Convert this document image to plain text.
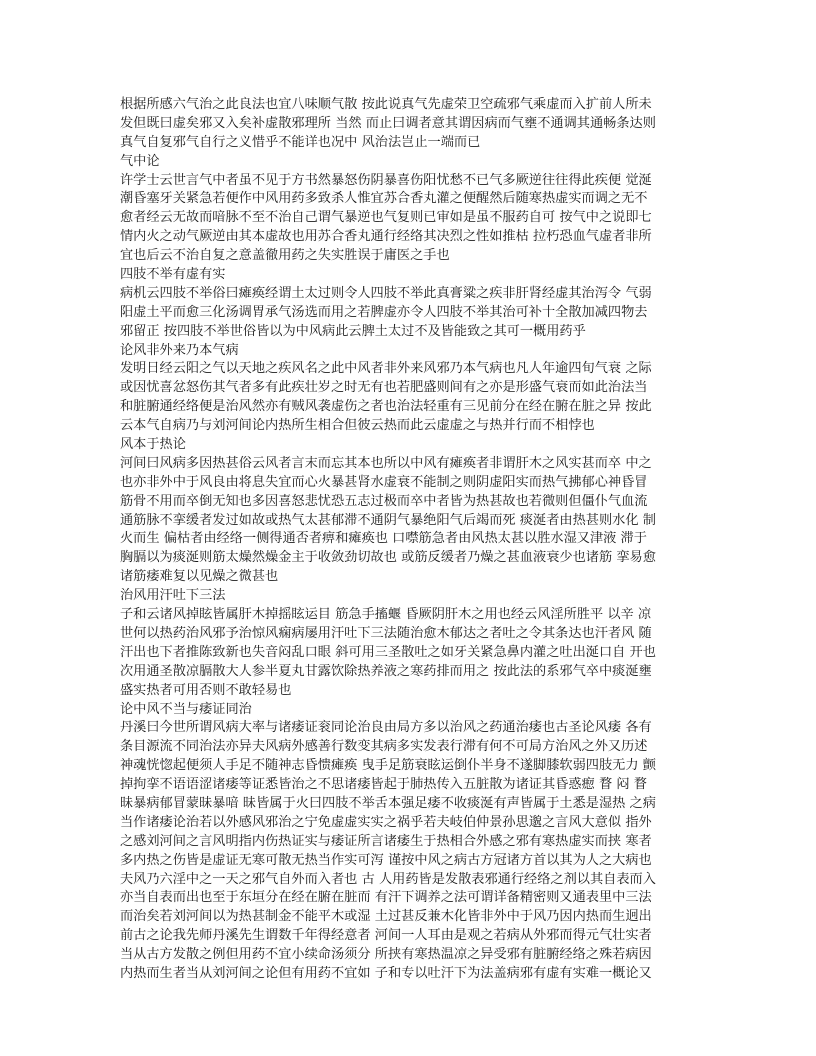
根据所感六气治之此良法也宜八味顺气散 按此说真气先虚荣卫空疏邪气乘虚而入扩前人所未
发但既曰虚矣邪又入矣补虚散邪理所 当然 而止曰调者意其谓因病而气壅不通调其通畅条达则
真气自复邪气自行之义惜乎不能详也况中 风治法岂止一端而已
气中论
许学士云世言气中者虽不见于方书然暴怒伤阴暴喜伤阳忧愁不已气多厥逆往往得此疾便 觉涎
潮昏塞牙关紧急若便作中风用药多致杀人惟宜苏合香丸灌之便醒然后随寒热虚实而调之无不
愈者经云无故而喑脉不至不治自己谓气暴逆也气复则已审如是虽不服药自可 按气中之说即七
情内火之动气厥逆由其本虚故也用苏合香丸通行经络其决烈之性如推枯 拉朽恐血气虚者非所
宜也后云不治自复之意盖徹用药之失实胜误于庸医之手也
四肢不举有虚有实
病机云四肢不举俗曰瘫痪经谓土太过则令人四肢不举此真膏粱之疾非肝肾经虚其治泻令 气弱
阳虚土平而愈三化汤调胃承气汤选而用之若脾虚亦令人四肢不举其治可补十全散加减四物去
邪留正 按四肢不举世俗皆以为中风病此云脾土太过不及皆能致之其可一概用药乎
论风非外来乃本气病
发明日经云阳之气以天地之疾风名之此中风者非外来风邪乃本气病也凡人年逾四旬气衰 之际
或因忧喜忿怒伤其气者多有此疾壮岁之时无有也若肥盛则间有之亦是形盛气衰而如此治法当
和脏腑通经络便是治风然亦有贼风袭虚伤之者也治法轻重有三见前分在经在腑在脏之异 按此
云本气自病乃与刘河间论内热所生相合但彼云热而此云虚虚之与热并行而不相悖也
风本于热论
河间曰风病多因热甚俗云风者言末而忘其本也所以中风有瘫痪者非谓肝木之风实甚而卒 中之
也亦非外中于风良由将息失宜而心火暴甚肾水虚衰不能制之则阴虚阳实而热气拂郁心神昏冒
筋骨不用而卒倒无知也多因喜怒悲忧恐五志过极而卒中者皆为热甚故也若微则但僵仆气血流
通筋脉不挛缓者发过如故或热气太甚郁滞不通阴气暴绝阳气后竭而死 痰涎者由热甚则水化 制
火而生 偏枯者由经络一侧得通否者痹和瘫痪也 口噤筋急者由风热太甚以胜水湿又津液 滞于
胸膈以为痰涎则筋太燥然燥金主于收敛劲切故也 或筋反缓者乃燥之甚血液衰少也诸筋 挛易愈
诸筋痿难复以见燥之微甚也
治风用汗吐下三法
子和云诸风掉眩皆属肝木掉摇眩运目 筋急手搐蝘 昏厥阴肝木之用也经云风淫所胜平 以辛 凉
世何以热药治风邪予治惊风痫病屡用汗吐下三法随治愈木郁达之者吐之令其条达也汗者风 随
汗出也下者推陈致新也失音闷乱口眼 斜可用三圣散吐之如牙关紧急鼻内灌之吐出涎口自 开也
次用通圣散凉膈散大人参半夏丸甘露饮除热养液之寒药排而用之 按此法的系邪气卒中痰涎壅
盛实热者可用否则不敢轻易也
论中风不当与痿证同治
丹溪曰今世所谓风病大率与诸痿证衮同论治良由局方多以治风之药通治痿也古圣论风痿 各有
条目源流不同治法亦异夫风病外感善行数变其病多实发表行滞有何不可局方治风之外又历述
神魂恍惚起便须人手足不随神志昏愦瘫痪 曳手足筋衰眩运倒仆半身不遂脚膝软弱四肢无力 颤
掉拘挛不语语涩诸痿等证悉皆治之不思诸痿皆起于肺热传入五脏散为诸证其昏惑瘛 瞀 闷 瞀
昧暴病郁冒蒙昧暴喑 昧皆属于火曰四肢不举舌本强足痿不收痰涎有声皆属于土悉是湿热 之病
当作诸痿论治若以外感风邪治之宁免虚虚实实之祸乎若夫岐伯仲景孙思邈之言风大意似 指外
之感刘河间之言风明指内伤热证实与痿证所言诸痿生于热相合外感之邪有寒热虚实而挟 寒者
多内热之伤皆是虚证无寒可散无热当作实可泻 谨按中风之病古方冠诸方首以其为人之大病也
夫风乃六淫中之一天之邪气自外而入者也 古 人用药皆是发散表邪通行经络之剂以其自表而入
亦当自表而出也至于东垣分在经在腑在脏而 有汗下调养之法可谓详备精密则又通表里中三法
而治矣若刘河间以为热甚制金不能平木或湿 土过甚反兼木化皆非外中于风乃因内热而生迥出
前古之论我先师丹溪先生谓数千年得经意者 河间一人耳由是观之若病从外邪而得元气壮实者
当从古方发散之例但用药不宜小续命汤须分 所挟有寒热温凉之异受邪有脏腑经络之殊若病因
内热而生者当从刘河间之论但有用药不宜如 子和专以吐汗下为法盖病邪有虚有实难一概论又
